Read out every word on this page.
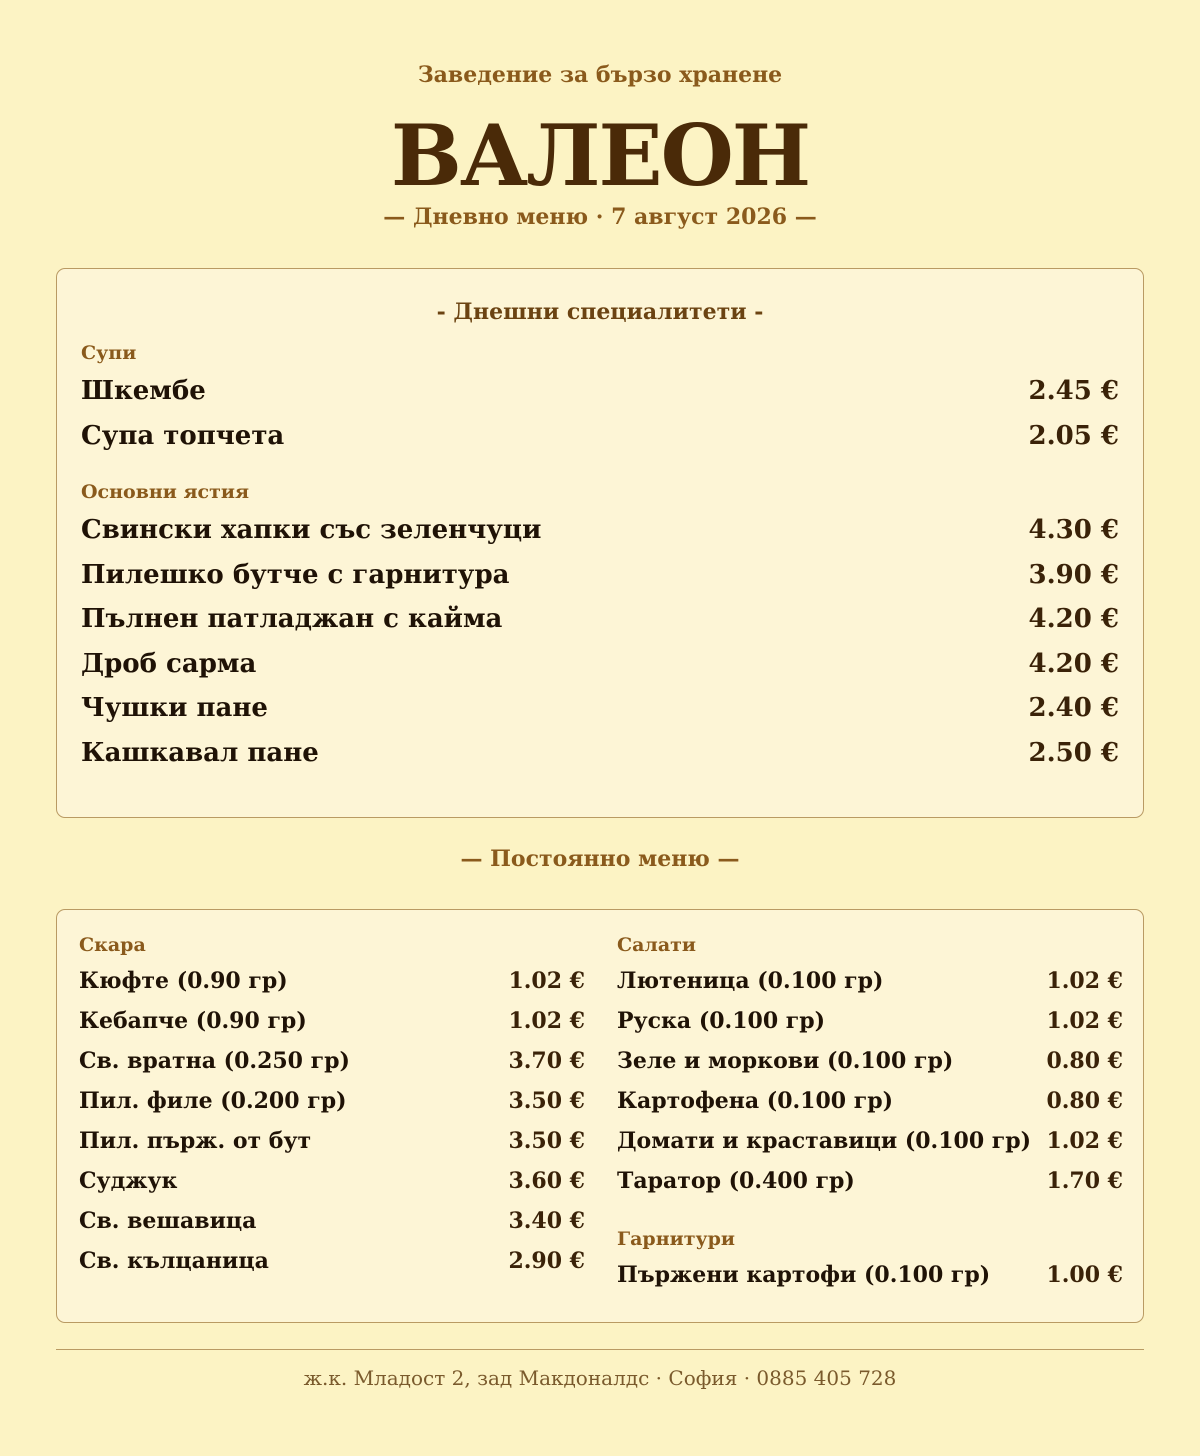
Заведение за бързо хранене
ВАЛЕОН
— Дневно меню · 7 август 2026 —
- Днешни специалитети -
Супи
Шкембе	2.45 €
Супа топчета	2.05 €
Основни ястия
Свински хапки със зеленчуци	4.30 €
Пилешко бутче с гарнитура	3.90 €
Пълнен патладжан с кайма	4.20 €
Дроб сарма	4.20 €
Чушки пане	2.40 €
Кашкавал пане	2.50 €
— Постоянно меню —
Скара
Кюфте (0.90 гр)	1.02 €
Кебапче (0.90 гр)	1.02 €
Св. вратна (0.250 гр)	3.70 €
Пил. филе (0.200 гр)	3.50 €
Пил. пърж. от бут	3.50 €
Суджук	3.60 €
Св. вешавица	3.40 €
Св. кълцаница	2.90 €
Салати
Лютеница (0.100 гр)	1.02 €
Руска (0.100 гр)	1.02 €
Зеле и моркови (0.100 гр)	0.80 €
Картофена (0.100 гр)	0.80 €
Домати и краставици (0.100 гр) 1.02 €
Таратор (0.400 гр)	1.70 €
Гарнитури
Пържени картофи (0.100 гр)	1.00 €
ж.к. Младост 2, зад Макдоналдс · София · 0885 405 728
